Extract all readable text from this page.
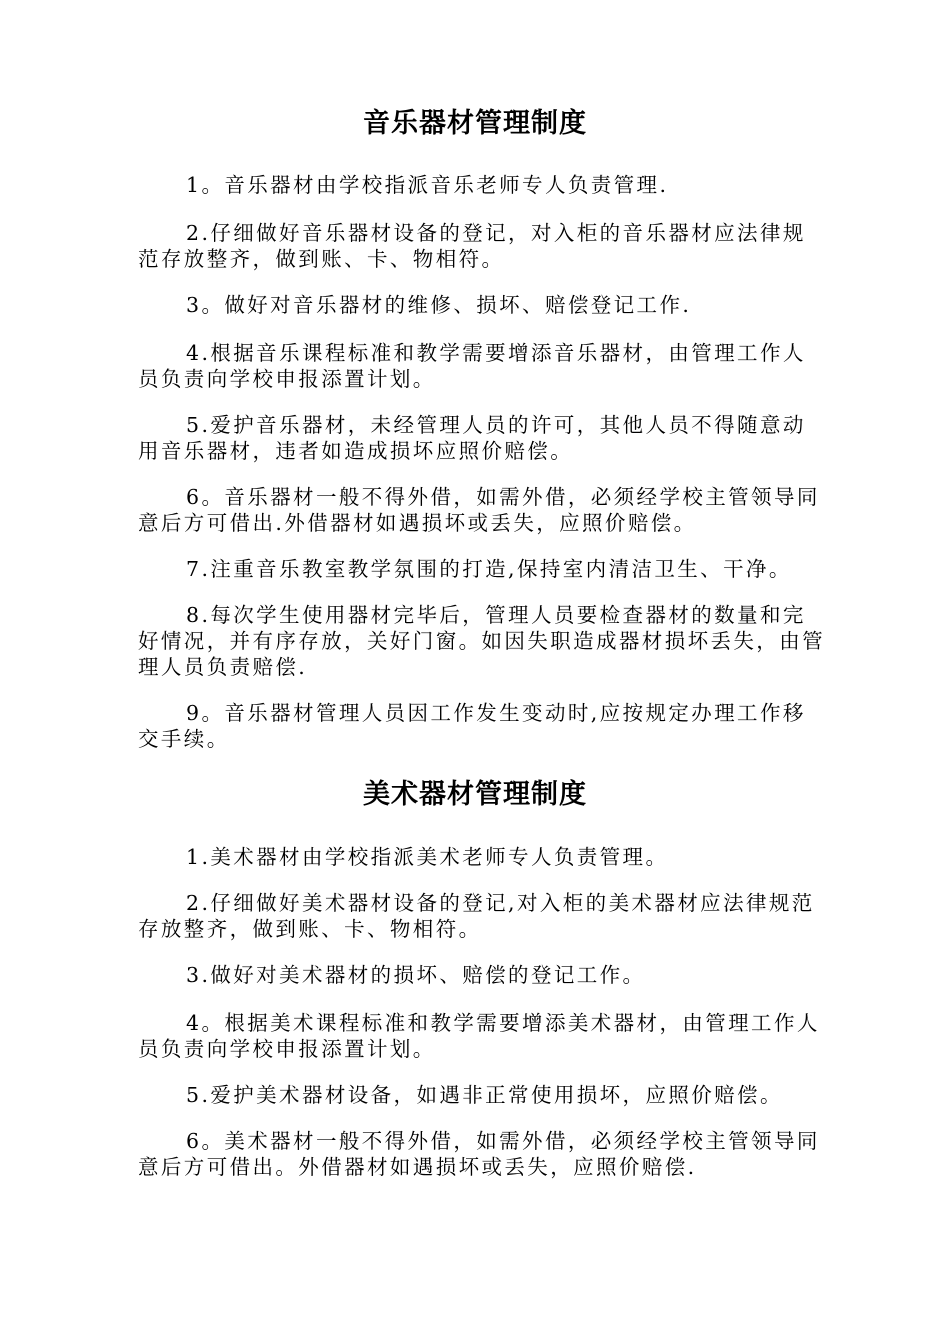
音乐器材管理制度

1。音乐器材由学校指派音乐老师专人负责管理.

2.仔细做好音乐器材设备的登记，对入柜的音乐器材应法律规范存放整齐，做到账、卡、物相符。

3。做好对音乐器材的维修、损坏、赔偿登记工作.

4.根据音乐课程标准和教学需要增添音乐器材，由管理工作人员负责向学校申报添置计划。

5.爱护音乐器材，未经管理人员的许可，其他人员不得随意动用音乐器材，违者如造成损坏应照价赔偿。

6。音乐器材一般不得外借，如需外借，必须经学校主管领导同意后方可借出.外借器材如遇损坏或丢失，应照价赔偿。

7.注重音乐教室教学氛围的打造,保持室内清洁卫生、干净。

8.每次学生使用器材完毕后，管理人员要检查器材的数量和完好情况，并有序存放，关好门窗。如因失职造成器材损坏丢失，由管理人员负责赔偿.

9。音乐器材管理人员因工作发生变动时,应按规定办理工作移交手续。

美术器材管理制度

1.美术器材由学校指派美术老师专人负责管理。

2.仔细做好美术器材设备的登记,对入柜的美术器材应法律规范存放整齐，做到账、卡、物相符。

3.做好对美术器材的损坏、赔偿的登记工作。

4。根据美术课程标准和教学需要增添美术器材，由管理工作人员负责向学校申报添置计划。

5.爱护美术器材设备，如遇非正常使用损坏，应照价赔偿。

6。美术器材一般不得外借，如需外借，必须经学校主管领导同意后方可借出。外借器材如遇损坏或丢失，应照价赔偿.
